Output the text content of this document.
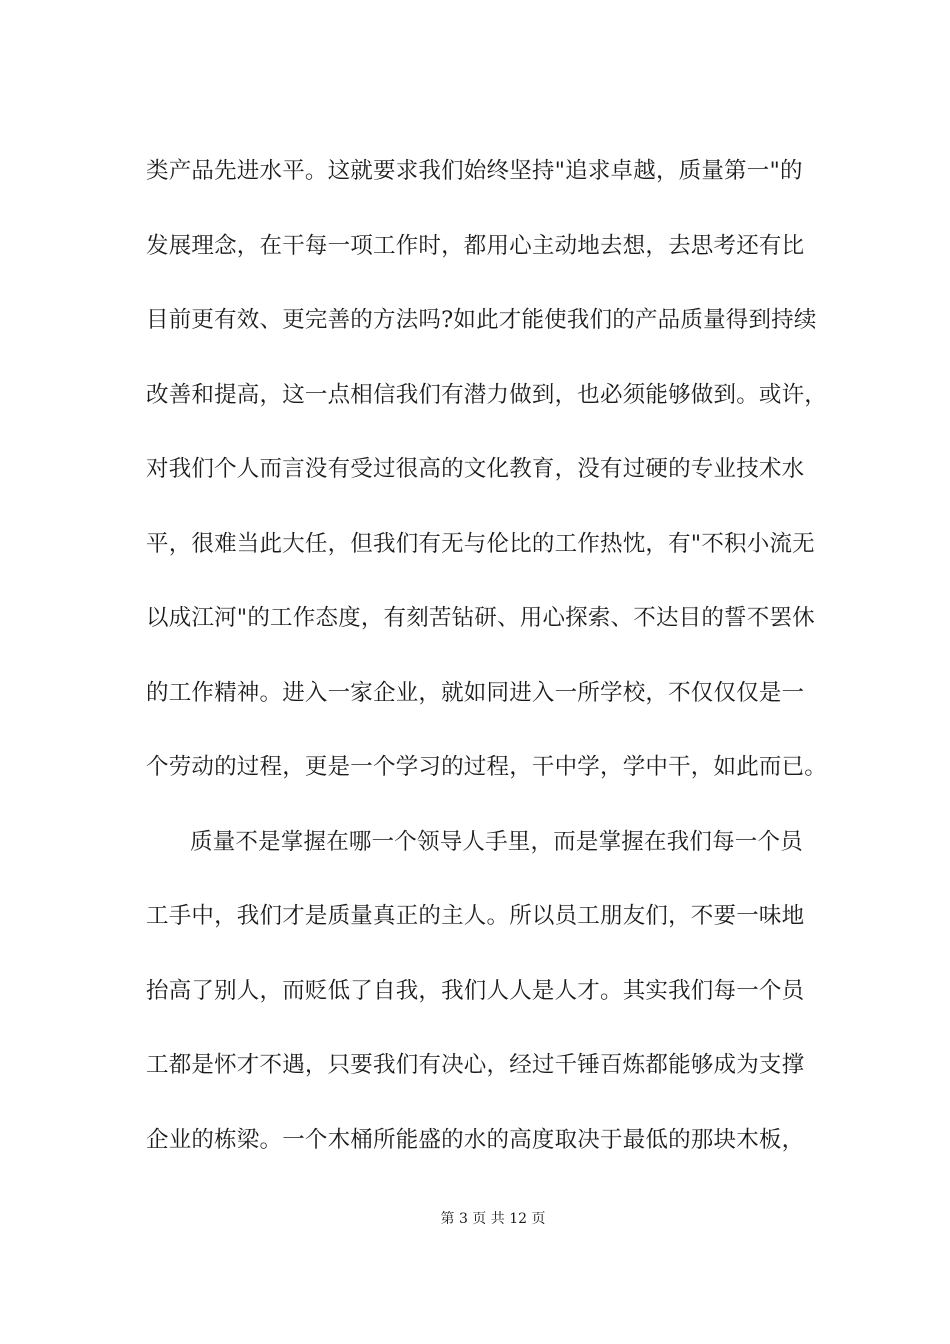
类产品先进水平。这就要求我们始终坚持"追求卓越，质量第一"的
发展理念，在干每一项工作时，都用心主动地去想，去思考还有比
目前更有效、更完善的方法吗?如此才能使我们的产品质量得到持续
改善和提高，这一点相信我们有潜力做到，也必须能够做到。或许，
对我们个人而言没有受过很高的文化教育，没有过硬的专业技术水
平，很难当此大任，但我们有无与伦比的工作热忱，有"不积小流无
以成江河"的工作态度，有刻苦钻研、用心探索、不达目的誓不罢休
的工作精神。进入一家企业，就如同进入一所学校，不仅仅仅是一
个劳动的过程，更是一个学习的过程，干中学，学中干，如此而已。
质量不是掌握在哪一个领导人手里，而是掌握在我们每一个员
工手中，我们才是质量真正的主人。所以员工朋友们，不要一味地
抬高了别人，而贬低了自我，我们人人是人才。其实我们每一个员
工都是怀才不遇，只要我们有决心，经过千锤百炼都能够成为支撑
企业的栋梁。一个木桶所能盛的水的高度取决于最低的那块木板，
第 3 页 共 12 页
